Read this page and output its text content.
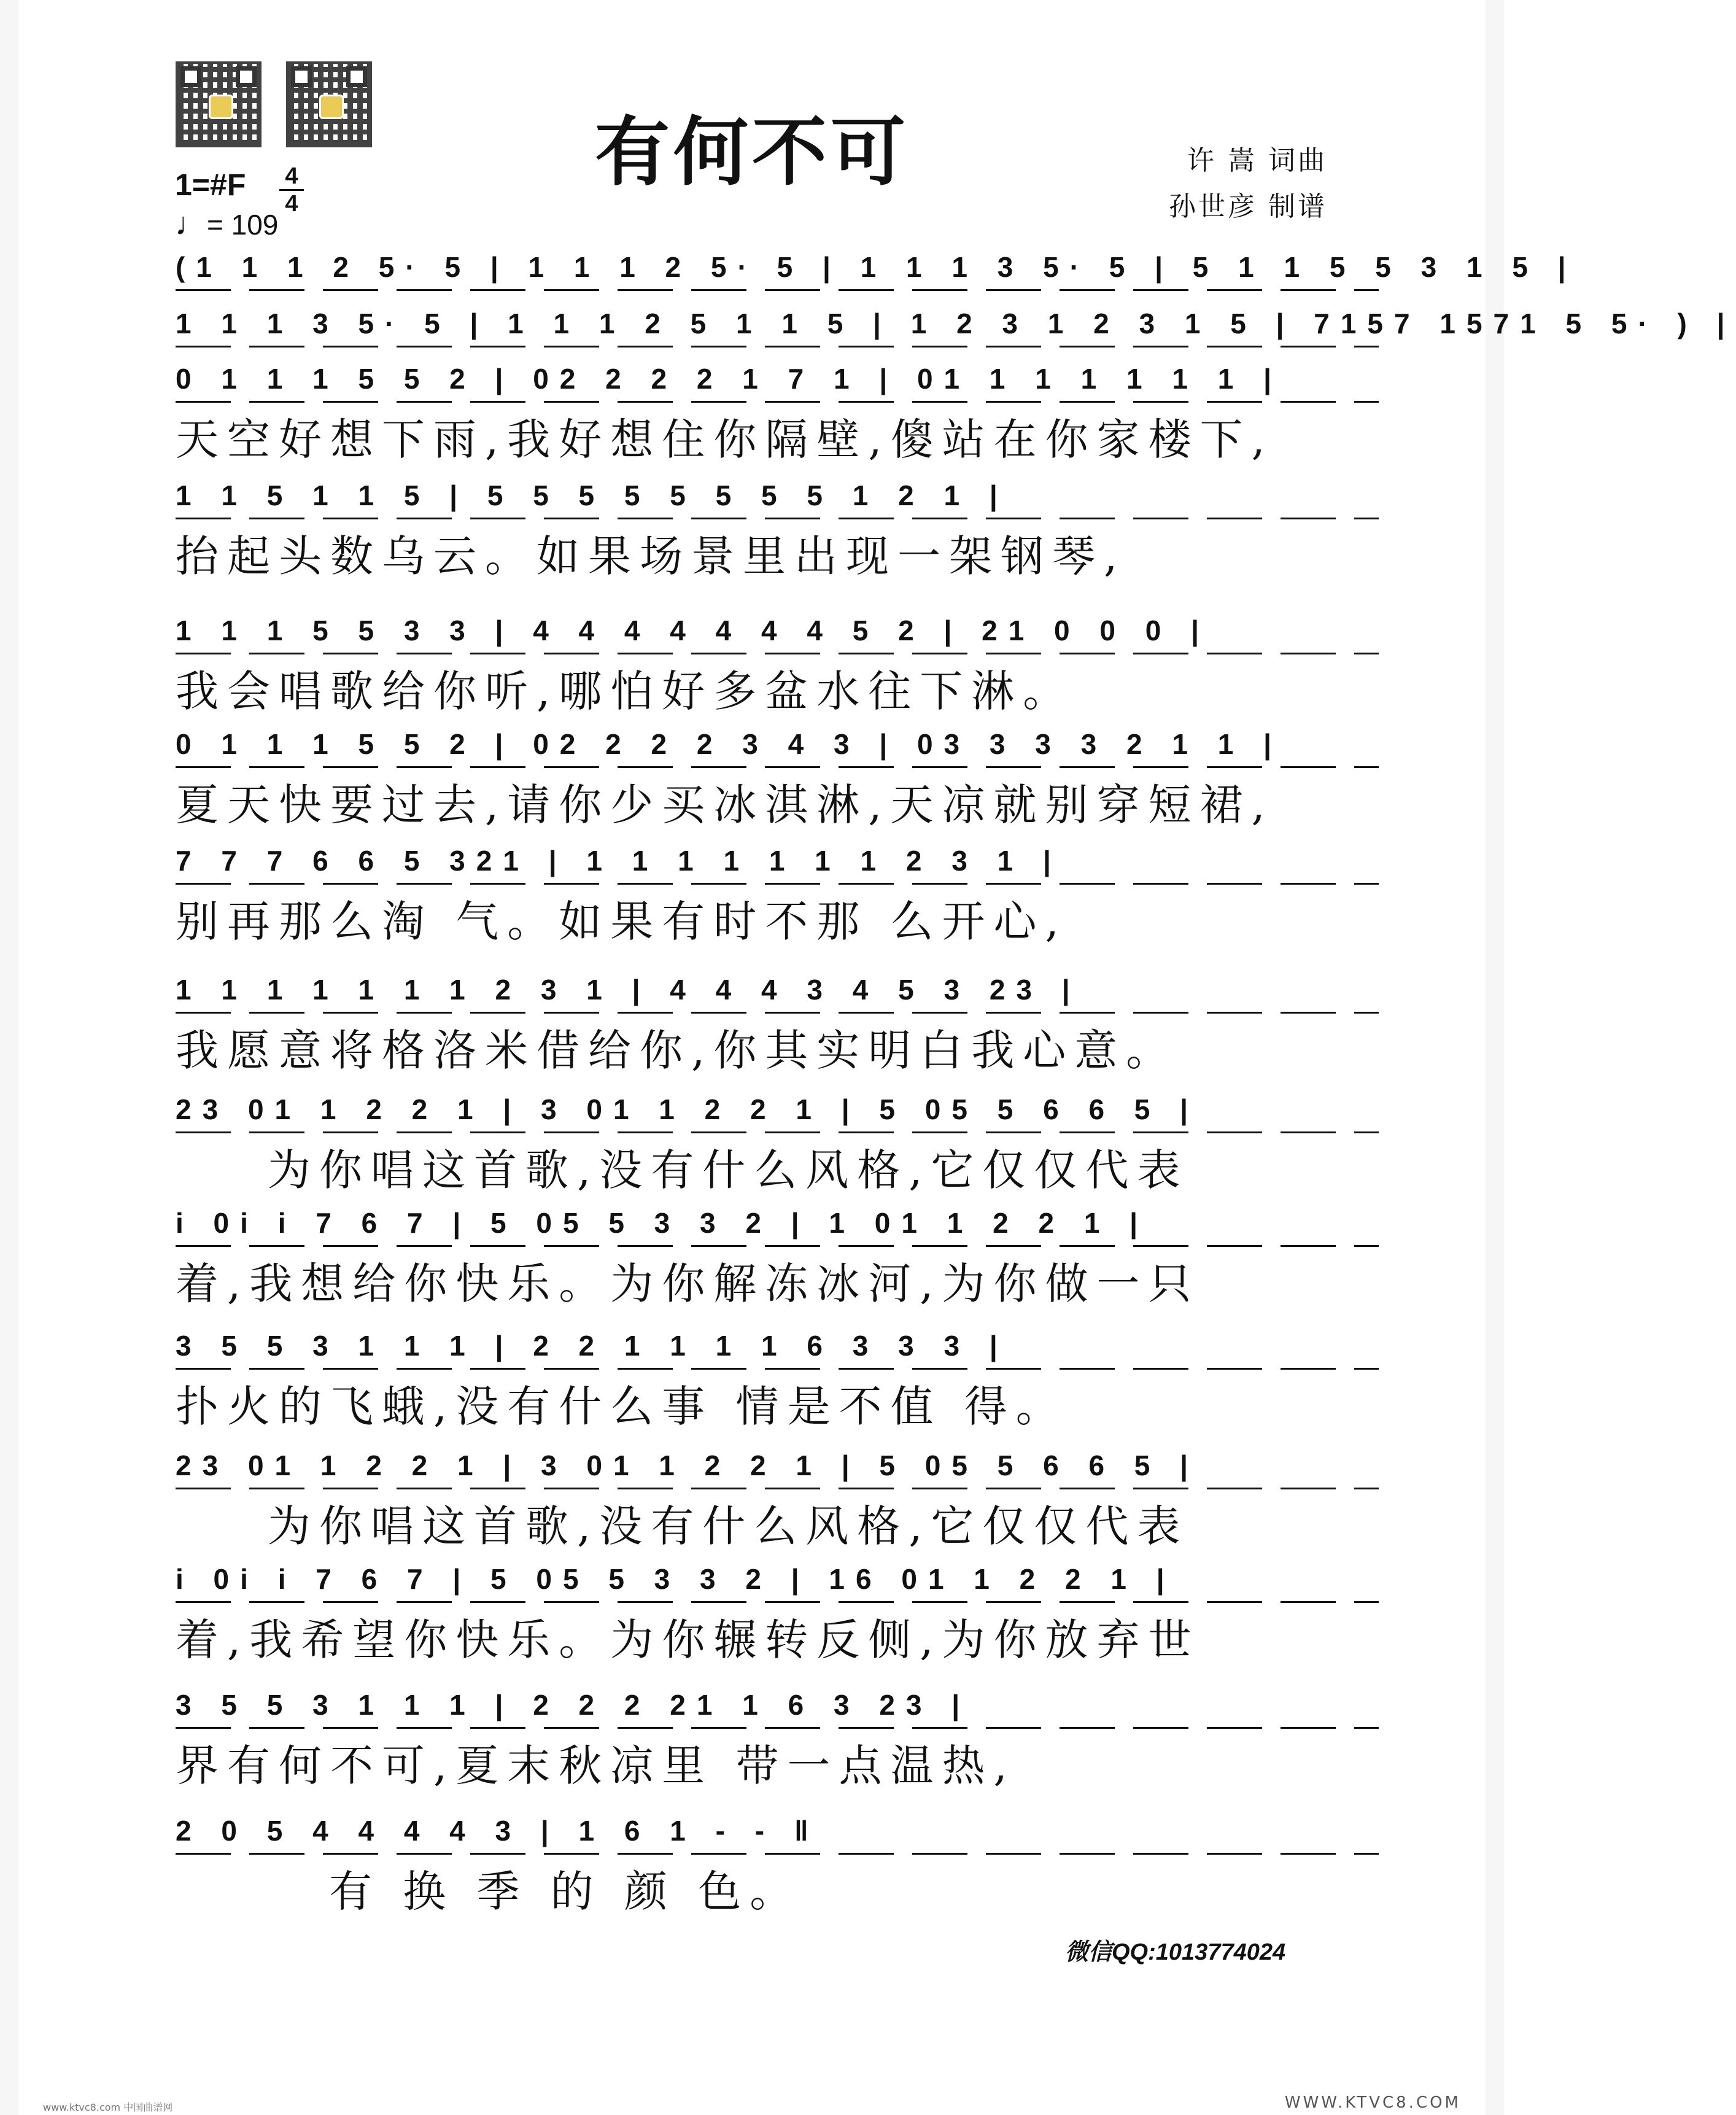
有何不可	许 嵩 词曲
孙世彦 制谱
1=#F 4
4
♩= 109
(1 1 1 2 5· 5 | 1 1 1 2 5· 5 | 1 1 1 3 5· 5 | 5 1 1 5 5 3 1 5 |
1 1 1 3 5· 5 | 1 1 1 2 5 1 1 5 | 1 2 3 1 2 3 1 5 | 7157 1571 5 5· ) |
0 1 1 1 5 5 2 | 02 2 2 2 1 7 1 | 01 1 1 1 1 1 1 |
天空好想下雨,我好想住你隔壁,傻站在你家楼下,
1 1 5 1 1 5 | 5 5 5 5 5 5 5 5 1 2 1 |
抬起头数乌云。如果场景里出现一架钢琴,
1 1 1 5 5 3 3 | 4 4 4 4 4 4 4 5 2 | 21 0 0 0 |
我会唱歌给你听,哪怕好多盆水往下淋。
0 1 1 1 5 5 2 | 02 2 2 2 3 4 3 | 03 3 3 3 2 1 1 |
夏天快要过去,请你少买冰淇淋,天凉就别穿短裙,
7 7 7 6 6 5 321 | 1 1 1 1 1 1 1 2 3 1 |
别再那么淘 气。如果有时不那 么开心,
1 1 1 1 1 1 1 2 3 1 | 4 4 4 3 4 5 3 23 |
我愿意将格洛米借给你,你其实明白我心意。
23 01 1 2 2 1 | 3 01 1 2 2 1 | 5 05 5 6 6 5 |
为你唱这首歌,没有什么风格,它仅仅代表
i 0i i 7 6 7 | 5 05 5 3 3 2 | 1 01 1 2 2 1 |
着,我想给你快乐。为你解冻冰河,为你做一只
3 5 5 3 1 1 1 | 2 2 1 1 1 1 6 3 3 3 |
扑火的飞蛾,没有什么事 情是不值 得。
23 01 1 2 2 1 | 3 01 1 2 2 1 | 5 05 5 6 6 5 |
为你唱这首歌,没有什么风格,它仅仅代表
i 0i i 7 6 7 | 5 05 5 3 3 2 | 16 01 1 2 2 1 |
着,我希望你快乐。为你辗转反侧,为你放弃世
3 5 5 3 1 1 1 | 2 2 2 21 1 6 3 23 |
界有何不可,夏末秋凉里 带一点温热,
2 0 5 4 4 4 4 3 | 1 6 1 - - ‖
有 换 季 的 颜 色。
微信QQ:1013774024
www.ktvc8.com 中国曲谱网	WWW.KTVC8.COM
